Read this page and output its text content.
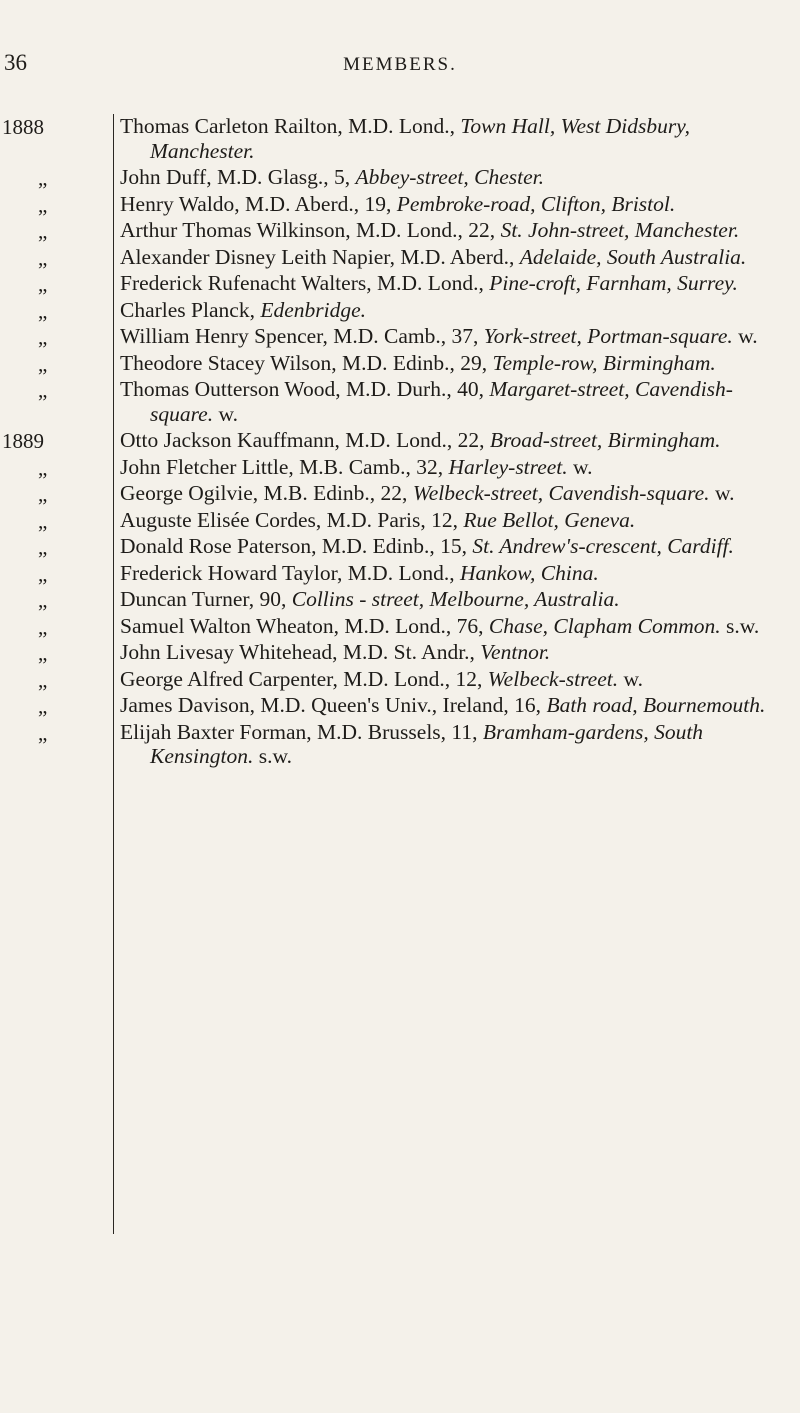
36	MEMBERS.
1888	Thomas Carleton Railton, M.D. Lond., Town Hall, West Didsbury, Manchester.
„	John Duff, M.D. Glasg., 5, Abbey-street, Chester.
„	Henry Waldo, M.D. Aberd., 19, Pembroke-road, Clifton, Bristol.
„	Arthur Thomas Wilkinson, M.D. Lond., 22, St. John-street, Manchester.
„	Alexander Disney Leith Napier, M.D. Aberd., Adelaide, South Australia.
„	Frederick Rufenacht Walters, M.D. Lond., Pine-croft, Farnham, Surrey.
„	Charles Planck, Edenbridge.
„	William Henry Spencer, M.D. Camb., 37, York-street, Portman-square. w.
„	Theodore Stacey Wilson, M.D. Edinb., 29, Temple-row, Birmingham.
„	Thomas Outterson Wood, M.D. Durh., 40, Margaret-street, Cavendish-square. w.
1889	Otto Jackson Kauffmann, M.D. Lond., 22, Broad-street, Birmingham.
„	John Fletcher Little, M.B. Camb., 32, Harley-street. w.
„	George Ogilvie, M.B. Edinb., 22, Welbeck-street, Cavendish-square. w.
„	Auguste Elisée Cordes, M.D. Paris, 12, Rue Bellot, Geneva.
„	Donald Rose Paterson, M.D. Edinb., 15, St. Andrew's-crescent, Cardiff.
„	Frederick Howard Taylor, M.D. Lond., Hankow, China.
„	Duncan Turner, 90, Collins - street, Melbourne, Australia.
„	Samuel Walton Wheaton, M.D. Lond., 76, Chase, Clapham Common. s.w.
„	John Livesay Whitehead, M.D. St. Andr., Ventnor.
„	George Alfred Carpenter, M.D. Lond., 12, Welbeck-street. w.
„	James Davison, M.D. Queen's Univ., Ireland, 16, Bath road, Bournemouth.
„	Elijah Baxter Forman, M.D. Brussels, 11, Bramham-gardens, South Kensington. s.w.
